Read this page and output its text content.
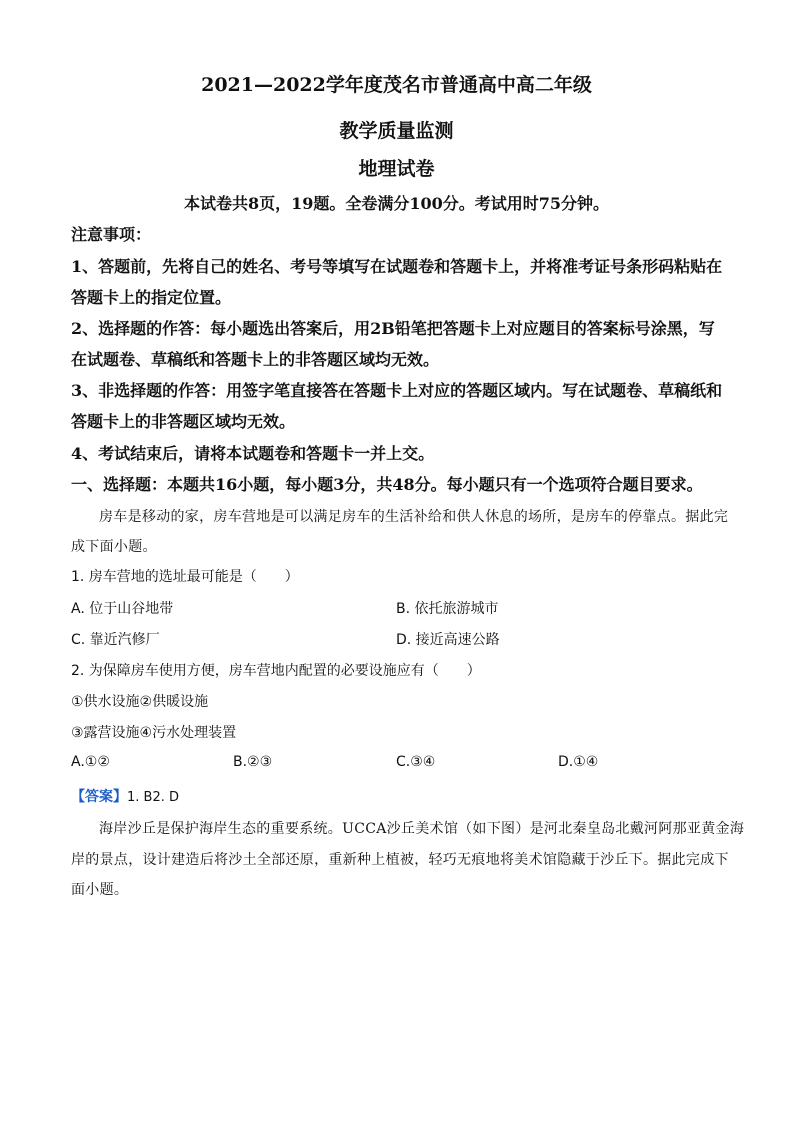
2021—2022学年度茂名市普通高中高二年级
教学质量监测
地理试卷
本试卷共8页，19题。全卷满分100分。考试用时75分钟。
注意事项：
1、答题前，先将自己的姓名、考号等填写在试题卷和答题卡上，并将准考证号条形码粘贴在
答题卡上的指定位置。
2、选择题的作答：每小题选出答案后，用2B铅笔把答题卡上对应题目的答案标号涂黑，写
在试题卷、草稿纸和答题卡上的非答题区域均无效。
3、非选择题的作答：用签字笔直接答在答题卡上对应的答题区域内。写在试题卷、草稿纸和
答题卡上的非答题区域均无效。
4、考试结束后，请将本试题卷和答题卡一并上交。
一、选择题：本题共16小题，每小题3分，共48分。每小题只有一个选项符合题目要求。
房车是移动的家，房车营地是可以满足房车的生活补给和供人休息的场所，是房车的停靠点。据此完
成下面小题。
1. 房车营地的选址最可能是（　　）
A. 位于山谷地带	B. 依托旅游城市
C. 靠近汽修厂	D. 接近高速公路
2. 为保障房车使用方便，房车营地内配置的必要设施应有（　　）
①供水设施②供暖设施
③露营设施④污水处理装置
A.①②	B.②③	C.③④	D.①④
【答案】1. B2. D
海岸沙丘是保护海岸生态的重要系统。UCCA沙丘美术馆（如下图）是河北秦皇岛北戴河阿那亚黄金海
岸的景点，设计建造后将沙土全部还原，重新种上植被，轻巧无痕地将美术馆隐藏于沙丘下。据此完成下
面小题。
